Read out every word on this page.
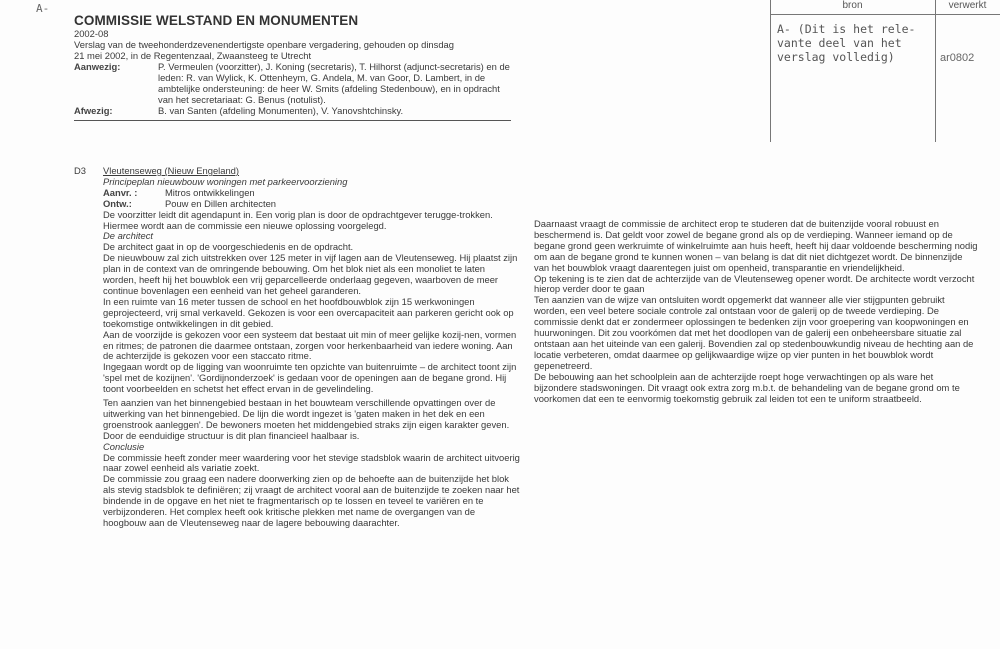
A-
COMMISSIE WELSTAND EN MONUMENTEN
2002-08
Verslag van de tweehonderdzevenendertigste openbare vergadering, gehouden op dinsdag
21 mei 2002, in de Regentenzaal, Zwaansteeg te Utrecht
Aanwezig:	P. Vermeulen (voorzitter), J. Koning (secretaris), T. Hilhorst (adjunct-secretaris) en de leden: R. van Wylick, K. Ottenheym, G. Andela, M. van Goor, D. Lambert, in de ambtelijke ondersteuning: de heer W. Smits (afdeling Stedenbouw), en in opdracht van het secretariaat: G. Benus (notulist).
Afwezig:	B. van Santen (afdeling Monumenten), V. Yanovshtchinsky.
bron	verwerkt
A- (Dit is het rele-
vante deel van het
verslag volledig)	ar0802
D3	Vleutenseweg (Nieuw Engeland)
Principeplan nieuwbouw woningen met parkeervoorziening
Aanvr. :	Mitros ontwikkelingen
Ontw.:	Pouw en Dillen architecten

De voorzitter leidt dit agendapunt in. Een vorig plan is door de opdrachtgever terugge-trokken. Hiermee wordt aan de commissie een nieuwe oplossing voorgelegd.

De architect

De architect gaat in op de voorgeschiedenis en de opdracht.

De nieuwbouw zal zich uitstrekken over 125 meter in vijf lagen aan de Vleutenseweg. Hij plaatst zijn plan in de context van de omringende bebouwing. Om het blok niet als een monoliet te laten worden, heeft hij het bouwblok een vrij geparcelleerde onderlaag gegeven, waarboven de meer continue bovenlagen een eenheid van het geheel garanderen.

In een ruimte van 16 meter tussen de school en het hoofdbouwblok zijn 15 werkwoningen geprojecteerd, vrij smal verkaveld. Gekozen is voor een overcapaciteit aan parkeren gericht ook op toekomstige ontwikkelingen in dit gebied.

Aan de voorzijde is gekozen voor een systeem dat bestaat uit min of meer gelijke kozij-nen, vormen en ritmes; de patronen die daarmee ontstaan, zorgen voor herkenbaarheid van iedere woning. Aan de achterzijde is gekozen voor een staccato ritme.

Ingegaan wordt op de ligging van woonruimte ten opzichte van buitenruimte – de architect toont zijn 'spel met de kozijnen'. 'Gordijnonderzoek' is gedaan voor de openingen aan de begane grond. Hij toont voorbeelden en schetst het effect ervan in de gevelindeling.

Ten aanzien van het binnengebied bestaan in het bouwteam verschillende opvattingen over de uitwerking van het binnengebied. De lijn die wordt ingezet is 'gaten maken in het dek en een groenstrook aanleggen'. De bewoners moeten het middengebied straks zijn eigen karakter geven.

Door de eenduidige structuur is dit plan financieel haalbaar is.

Conclusie

De commissie heeft zonder meer waardering voor het stevige stadsblok waarin de architect uitvoerig naar zowel eenheid als variatie zoekt.

De commissie zou graag een nadere doorwerking zien op de behoefte aan de buitenzijde het blok als stevig stadsblok te definiëren; zij vraagt de architect vooral aan de buitenzijde te zoeken naar het bindende in de opgave en het niet te fragmentarisch op te lossen en teveel te variëren en te verbijzonderen. Het complex heeft ook kritische plekken met name de overgangen van de hoogbouw aan de Vleutenseweg naar de lagere bebouwing daarachter.

Daarnaast vraagt de commissie de architect erop te studeren dat de buitenzijde vooral robuust en beschermend is. Dat geldt voor zowel de begane grond als op de verdieping. Wanneer iemand op de begane grond geen werkruimte of winkelruimte aan huis heeft, heeft hij daar voldoende bescherming nodig om aan de begane grond te kunnen wonen – van belang is dat dit niet dichtgezet wordt. De binnenzijde van het bouwblok vraagt daarentegen juist om openheid, transparantie en vriendelijkheid.

Op tekening is te zien dat de achterzijde van de Vleutenseweg opener wordt. De architecte wordt verzocht hierop verder door te gaan

Ten aanzien van de wijze van ontsluiten wordt opgemerkt dat wanneer alle vier stijgpunten gebruikt worden, een veel betere sociale controle zal ontstaan voor de galerij op de tweede verdieping. De commissie denkt dat er zondermeer oplossingen te bedenken zijn voor groepering van koopwoningen en huurwoningen. Dit zou voorkómen dat met het doodlopen van de galerij een onbeheersbare situatie zal ontstaan aan het uiteinde van een galerij. Bovendien zal op stedenbouwkundig niveau de hechting aan de locatie verbeteren, omdat daarmee op gelijkwaardige wijze op vier punten in het bouwblok wordt gepenetreerd.

De bebouwing aan het schoolplein aan de achterzijde roept hoge verwachtingen op als ware het bijzondere stadswoningen. Dit vraagt ook extra zorg m.b.t. de behandeling van de begane grond om te voorkomen dat een te eenvormig toekomstig gebruik zal leiden tot een te uniform straatbeeld.
